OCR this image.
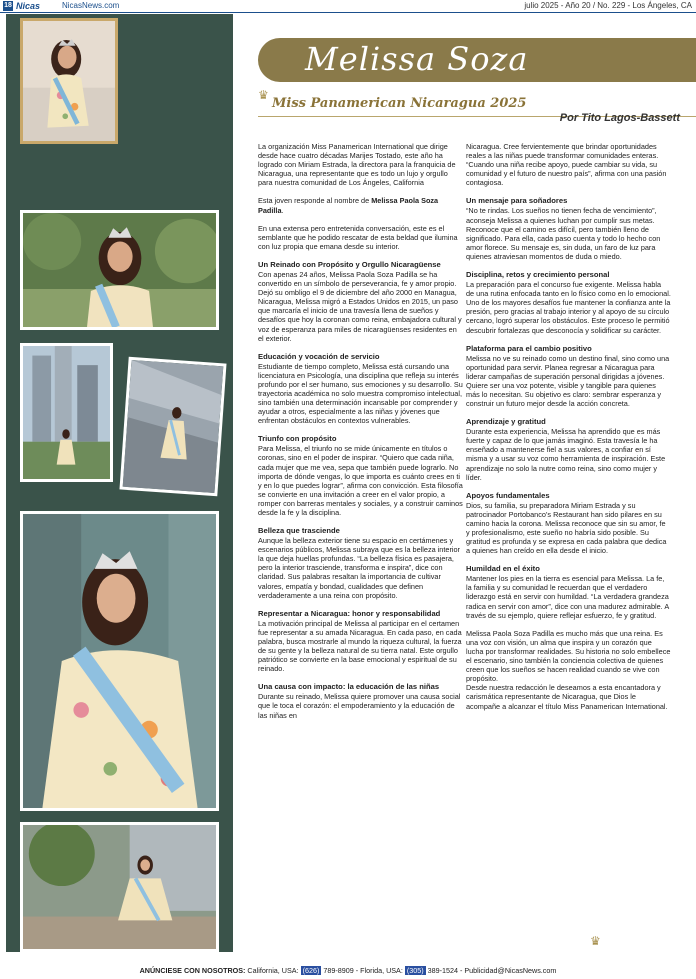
18 Nicas	NicasNews.com	julio 2025 - Año 20 / No. 229 - Los Ángeles, CA
Melissa Soza
♛
Miss Panamerican Nicaragua 2025
Por Tito Lagos-Bassett

La organización Miss Panamerican International que dirige desde hace cuatro décadas Marijes Tostado, este año ha logrado con Miriam Estrada, la directora para la franquicia de Nicaragua, una representante que es todo un lujo y orgullo para nuestra comunidad de Los Ángeles, California

Esta joven responde al nombre de Melissa Paola Soza Padilla.

En una extensa pero entretenida conversación, este es el semblante que he podido rescatar de esta beldad que ilumina con luz propia que emana desde su interior.

Un Reinado con Propósito y Orgullo Nicaragüense

Con apenas 24 años, Melissa Paola Soza Padilla se ha convertido en un símbolo de perseverancia, fe y amor propio. Dejó su ombligo el 9 de diciembre del año 2000 en Managua, Nicaragua, Melissa migró a Estados Unidos en 2015, un paso que marcaría el inicio de una travesía llena de sueños y desafíos que hoy la coronan como reina, embajadora cultural y voz de esperanza para miles de nicaragüenses residentes en el exterior.

Educación y vocación de servicio

Estudiante de tiempo completo, Melissa está cursando una licenciatura en Psicología, una disciplina que refleja su interés profundo por el ser humano, sus emociones y su desarrollo. Su trayectoria académica no solo muestra compromiso intelectual, sino también una determinación incansable por comprender y ayudar a otros, especialmente a las niñas y jóvenes que enfrentan obstáculos en contextos vulnerables.

Triunfo con propósito

Para Melissa, el triunfo no se mide únicamente en títulos o coronas, sino en el poder de inspirar. “Quiero que cada niña, cada mujer que me vea, sepa que también puede lograrlo. No importa de dónde vengas, lo que importa es cuánto crees en ti y en lo que puedes lograr”, afirma con convicción. Esta filosofía se convierte en una invitación a creer en el valor propio, a romper con barreras mentales y sociales, y a construir caminos desde la fe y la disciplina.

Belleza que trasciende

Aunque la belleza exterior tiene su espacio en certámenes y escenarios públicos, Melissa subraya que es la belleza interior la que deja huellas profundas. “La belleza física es pasajera, pero la interior trasciende, transforma e inspira”, dice con claridad. Sus palabras resaltan la importancia de cultivar valores, empatía y bondad, cualidades que definen verdaderamente a una reina con propósito.

Representar a Nicaragua: honor y responsabilidad

La motivación principal de Melissa al participar en el certamen fue representar a su amada Nicaragua. En cada paso, en cada palabra, busca mostrarle al mundo la riqueza cultural, la fuerza de su gente y la belleza natural de su tierra natal. Este orgullo patriótico se convierte en la base emocional y espiritual de su reinado.

Una causa con impacto: la educación de las niñas

Durante su reinado, Melissa quiere promover una causa social que le toca el corazón: el empoderamiento y la educación de las niñas en

Nicaragua. Cree fervientemente que brindar oportunidades reales a las niñas puede transformar comunidades enteras. “Cuando una niña recibe apoyo, puede cambiar su vida, su comunidad y el futuro de nuestro país”, afirma con una pasión contagiosa.

Un mensaje para soñadores

“No te rindas. Los sueños no tienen fecha de vencimiento”, aconseja Melissa a quienes luchan por cumplir sus metas. Reconoce que el camino es difícil, pero también lleno de significado. Para ella, cada paso cuenta y todo lo hecho con amor florece. Su mensaje es, sin duda, un faro de luz para quienes atraviesan momentos de duda o miedo.

Disciplina, retos y crecimiento personal

La preparación para el concurso fue exigente. Melissa habla de una rutina enfocada tanto en lo físico como en lo emocional. Uno de los mayores desafíos fue mantener la confianza ante la presión, pero gracias al trabajo interior y al apoyo de su círculo cercano, logró superar los obstáculos. Este proceso le permitió descubrir fortalezas que desconocía y solidificar su carácter.

Plataforma para el cambio positivo

Melissa no ve su reinado como un destino final, sino como una oportunidad para servir. Planea regresar a Nicaragua para liderar campañas de superación personal dirigidas a jóvenes. Quiere ser una voz potente, visible y tangible para quienes más lo necesitan. Su objetivo es claro: sembrar esperanza y construir un futuro mejor desde la acción concreta.

Aprendizaje y gratitud

Durante esta experiencia, Melissa ha aprendido que es más fuerte y capaz de lo que jamás imaginó. Esta travesía le ha enseñado a mantenerse fiel a sus valores, a confiar en sí misma y a usar su voz como herramienta de inspiración. Este aprendizaje no solo la nutre como reina, sino como mujer y líder.

Apoyos fundamentales

Dios, su familia, su preparadora Miriam Estrada y su patrocinador Portobanco’s Restaurant han sido pilares en su camino hacia la corona. Melissa reconoce que sin su amor, fe y profesionalismo, este sueño no habría sido posible. Su gratitud es profunda y se expresa en cada palabra que dedica a quienes han creído en ella desde el inicio.

Humildad en el éxito

Mantener los pies en la tierra es esencial para Melissa. La fe, la familia y su comunidad le recuerdan que el verdadero liderazgo está en servir con humildad. “La verdadera grandeza radica en servir con amor”, dice con una madurez admirable. A través de su ejemplo, quiere reflejar esfuerzo, fe y gratitud.

Melissa Paola Soza Padilla es mucho más que una reina. Es una voz con visión, un alma que inspira y un corazón que lucha por transformar realidades. Su historia no solo embellece el escenario, sino también la conciencia colectiva de quienes creen que los sueños se hacen realidad cuando se vive con propósito.
Desde nuestra redacción le deseamos a esta encantadora y carismática representante de Nicaragua, que Dios le acompañe a alcanzar el título Miss Panamerican International.

♛
ANÚNCIESE CON NOSOTROS: California, USA: (626) 789-8909 - Florida, USA: (305) 389-1524 - Publicidad@NicasNews.com
